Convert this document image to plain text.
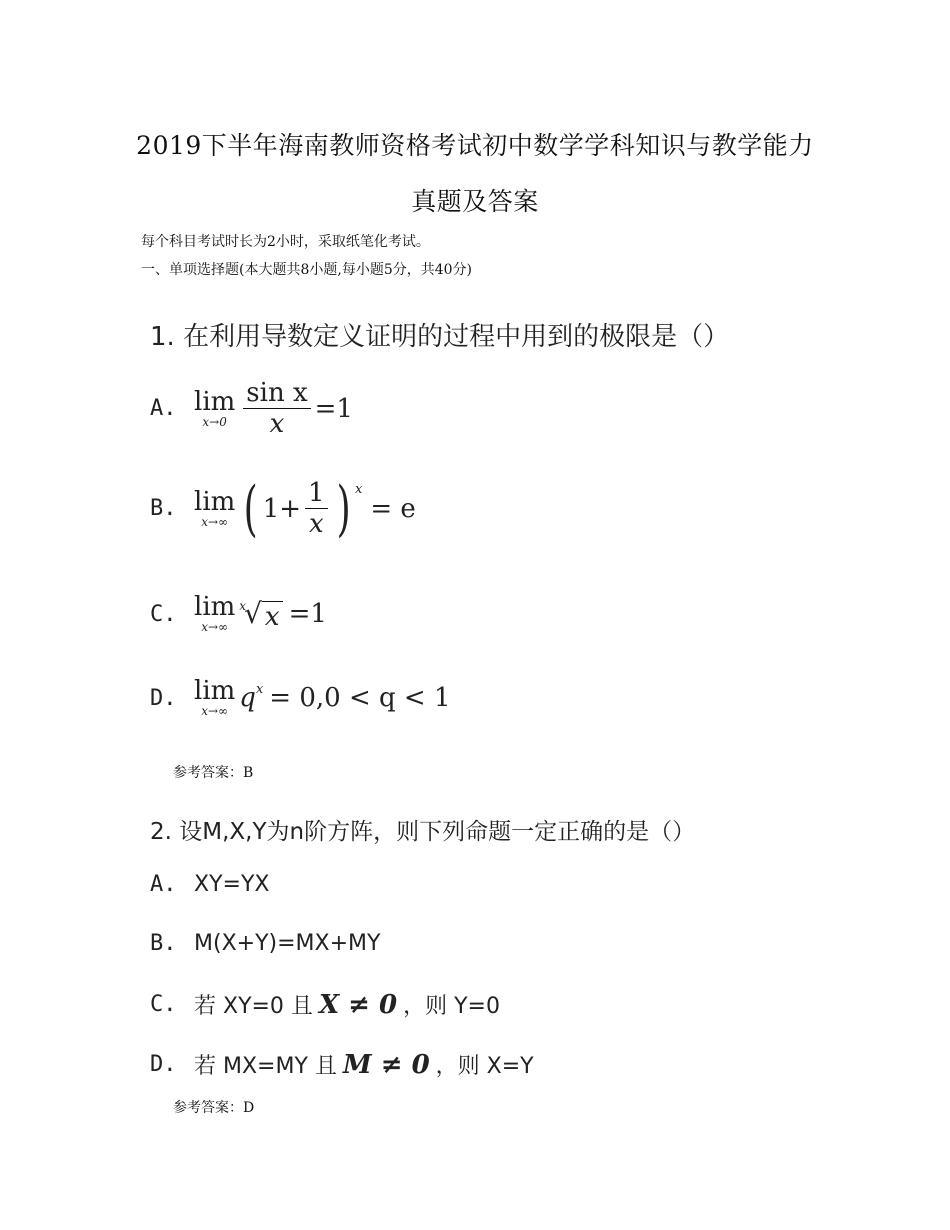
2019下半年海南教师资格考试初中数学学科知识与教学能力
真题及答案
每个科目考试时长为2小时，采取纸笔化考试。
一、单项选择题(本大题共8小题,每小题5分，共40分)
1. 在利用导数定义证明的过程中用到的极限是（）
A. lim
$x\to 0 \frac{\text{sin x}}{x} =1$
B. lim
x→∞ ( $1+ \frac{1}{x}$ ) x
= e
C. lim
x→∞
x
√ x =1
D. lim
x→∞ q x = 0,0 < q < 1
参考答案：B
2. 设M,X,Y为n阶方阵，则下列命题一定正确的是（）
A. XY=YX
B. M(X+Y)=MX+MY
C. 若 XY=0 且 X ≠ 0 ，则 Y=0
D. 若 MX=MY 且 M ≠ 0 ，则 X=Y
参考答案：D
